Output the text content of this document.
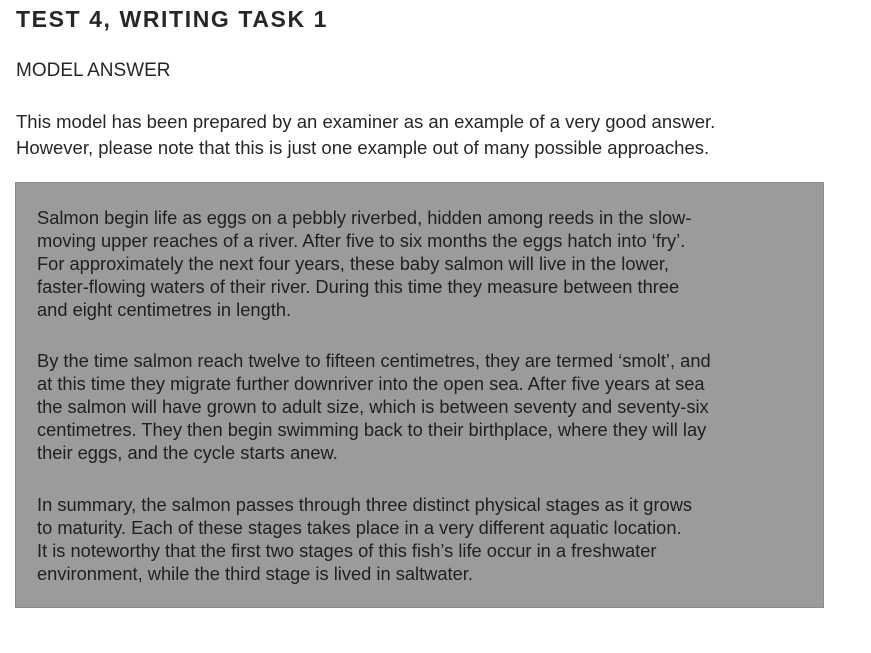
TEST 4, WRITING TASK 1
MODEL ANSWER

This model has been prepared by an examiner as an example of a very good answer.
However, please note that this is just one example out of many possible approaches.

Salmon begin life as eggs on a pebbly riverbed, hidden among reeds in the slow-
moving upper reaches of a river. After five to six months the eggs hatch into ‘fry’.
For approximately the next four years, these baby salmon will live in the lower,
faster-flowing waters of their river. During this time they measure between three
and eight centimetres in length.

By the time salmon reach twelve to fifteen centimetres, they are termed ‘smolt’, and
at this time they migrate further downriver into the open sea. After five years at sea
the salmon will have grown to adult size, which is between seventy and seventy-six
centimetres. They then begin swimming back to their birthplace, where they will lay
their eggs, and the cycle starts anew.

In summary, the salmon passes through three distinct physical stages as it grows
to maturity. Each of these stages takes place in a very different aquatic location.
It is noteworthy that the first two stages of this fish’s life occur in a freshwater
environment, while the third stage is lived in saltwater.
